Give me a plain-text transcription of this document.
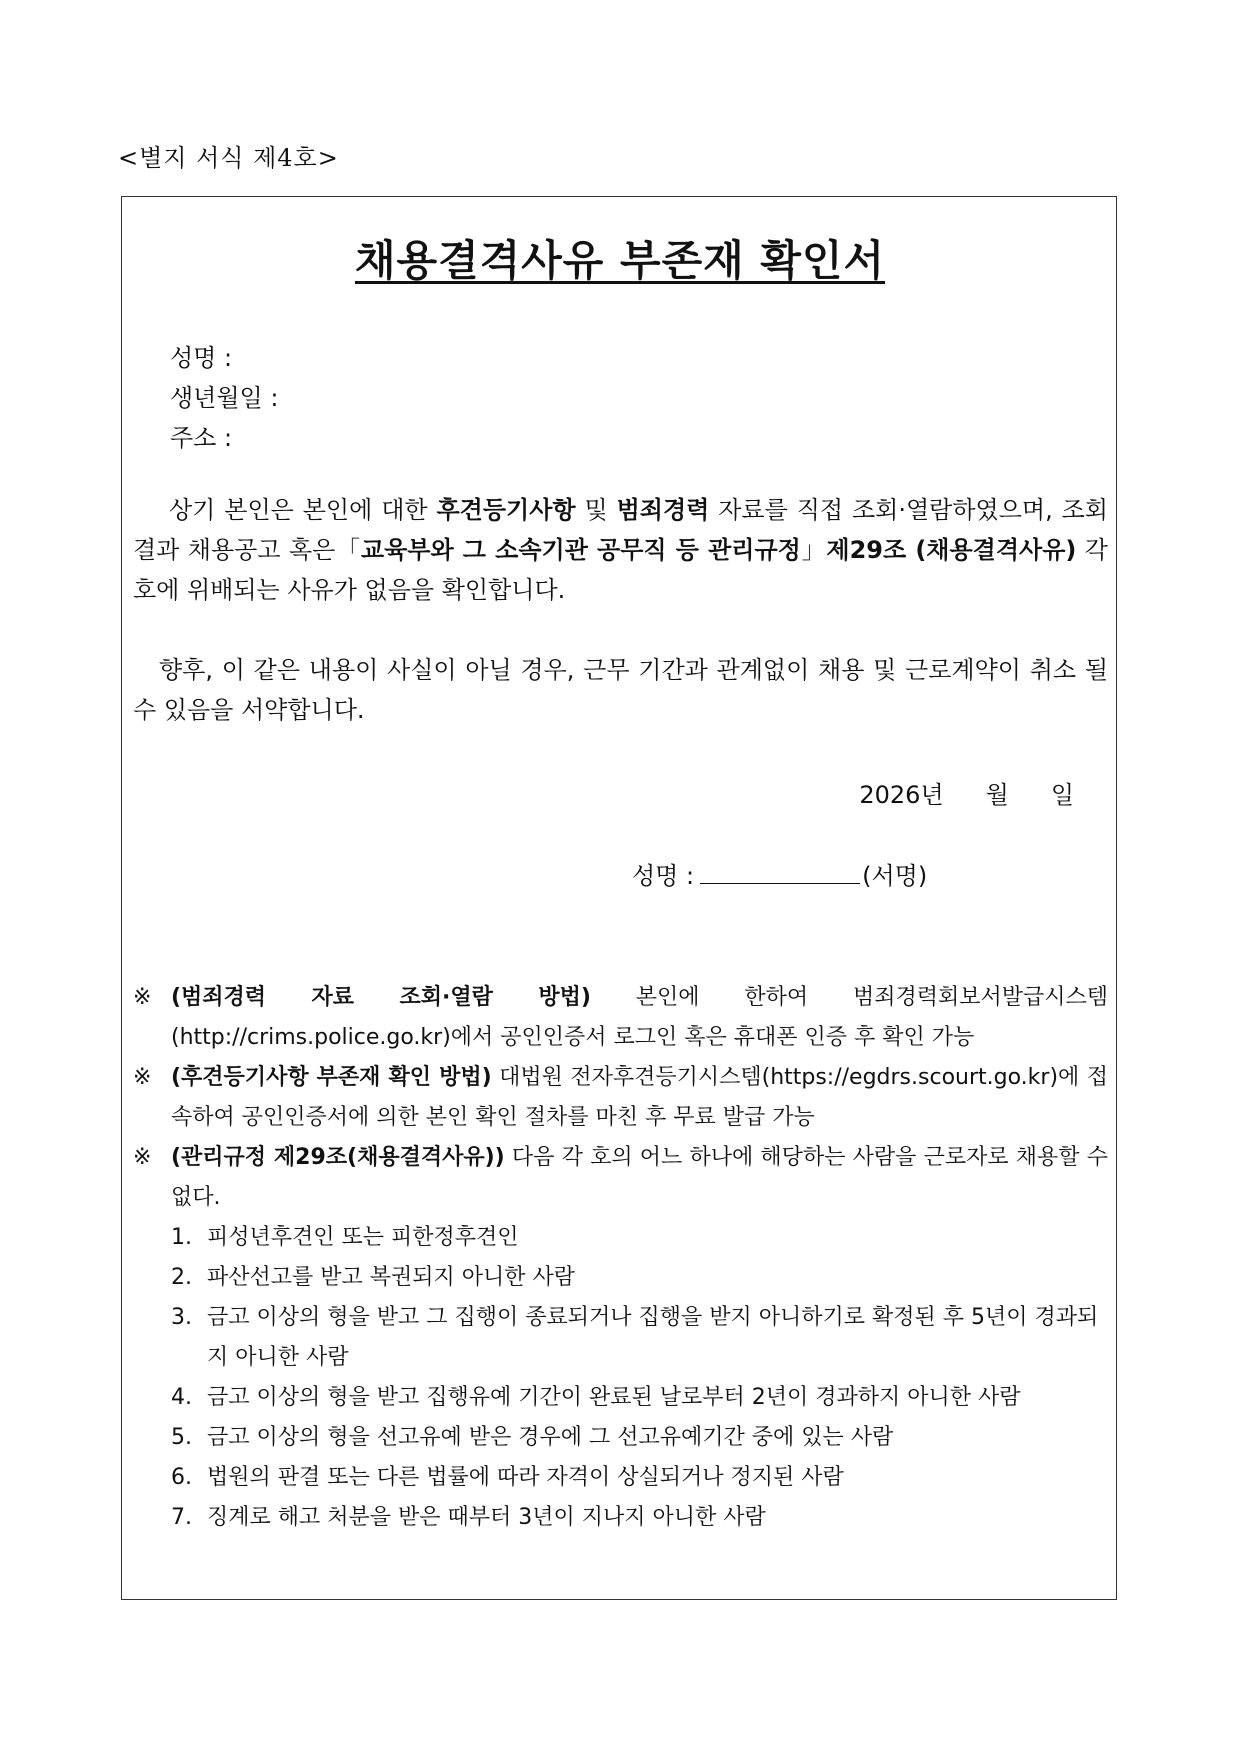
<별지 서식 제4호>
채용결격사유 부존재 확인서
성명 :
생년월일 :
주소 :
상기 본인은 본인에 대한 후견등기사항 및 범죄경력 자료를 직접 조회·열람하였으며, 조회 결과 채용공고 혹은「교육부와 그 소속기관 공무직 등 관리규정」제29조 (채용결격사유) 각 호에 위배되는 사유가 없음을 확인합니다.
향후, 이 같은 내용이 사실이 아닐 경우, 근무 기간과 관계없이 채용 및 근로계약이 취소 될 수 있음을 서약합니다.
2026년 월 일
성명 :	(서명)
※ (범죄경력 자료 조회·열람 방법) 본인에 한하여 범죄경력회보서발급시스템(http://crims.police.go.kr)에서 공인인증서 로그인 혹은 휴대폰 인증 후 확인 가능
※ (후견등기사항 부존재 확인 방법) 대법원 전자후견등기시스템(https://egdrs.scourt.go.kr)에 접속하여 공인인증서에 의한 본인 확인 절차를 마친 후 무료 발급 가능
※ (관리규정 제29조(채용결격사유)) 다음 각 호의 어느 하나에 해당하는 사람을 근로자로 채용할 수 없다.
1. 피성년후견인 또는 피한정후견인
2. 파산선고를 받고 복권되지 아니한 사람
3. 금고 이상의 형을 받고 그 집행이 종료되거나 집행을 받지 아니하기로 확정된 후 5년이 경과되지 아니한 사람
4. 금고 이상의 형을 받고 집행유예 기간이 완료된 날로부터 2년이 경과하지 아니한 사람
5. 금고 이상의 형을 선고유예 받은 경우에 그 선고유예기간 중에 있는 사람
6. 법원의 판결 또는 다른 법률에 따라 자격이 상실되거나 정지된 사람
7. 징계로 해고 처분을 받은 때부터 3년이 지나지 아니한 사람
